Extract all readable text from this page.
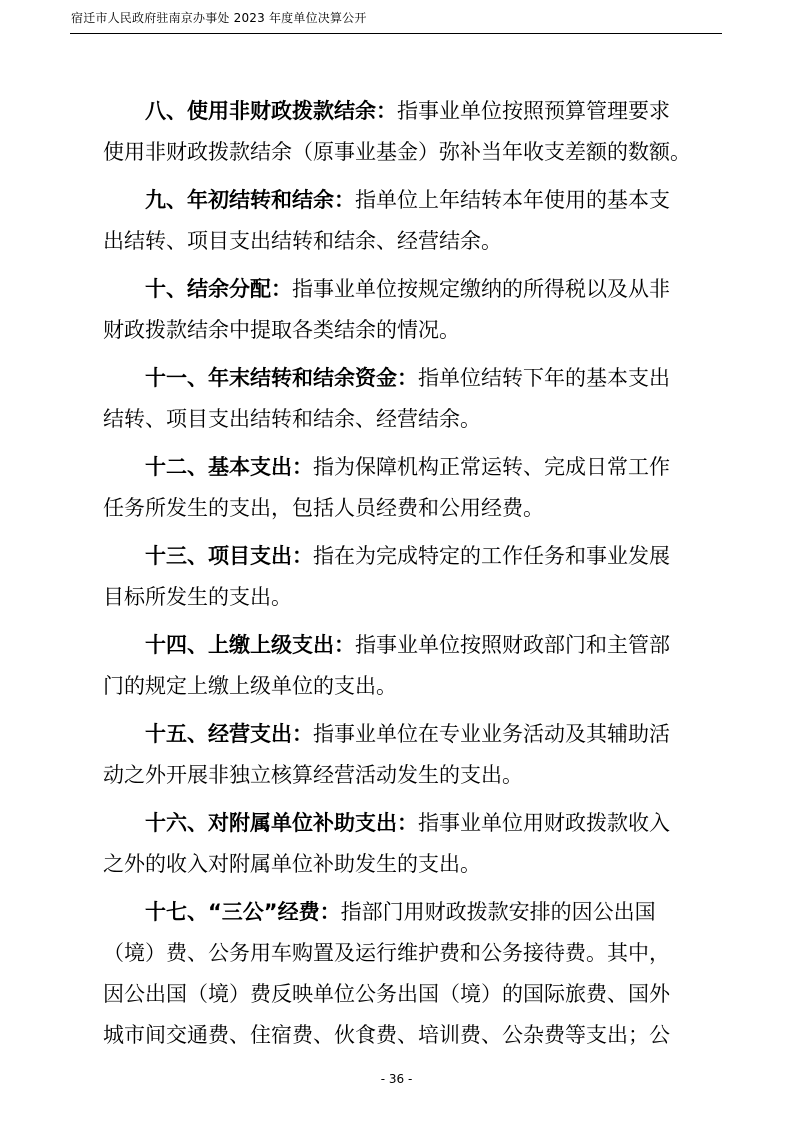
宿迁市人民政府驻南京办事处 2023 年度单位决算公开
八、使用非财政拨款结余：指事业单位按照预算管理要求
使用非财政拨款结余（原事业基金）弥补当年收支差额的数额。
九、年初结转和结余：指单位上年结转本年使用的基本支
出结转、项目支出结转和结余、经营结余。
十、结余分配：指事业单位按规定缴纳的所得税以及从非
财政拨款结余中提取各类结余的情况。
十一、年末结转和结余资金：指单位结转下年的基本支出
结转、项目支出结转和结余、经营结余。
十二、基本支出：指为保障机构正常运转、完成日常工作
任务所发生的支出，包括人员经费和公用经费。
十三、项目支出：指在为完成特定的工作任务和事业发展
目标所发生的支出。
十四、上缴上级支出：指事业单位按照财政部门和主管部
门的规定上缴上级单位的支出。
十五、经营支出：指事业单位在专业业务活动及其辅助活
动之外开展非独立核算经营活动发生的支出。
十六、对附属单位补助支出：指事业单位用财政拨款收入
之外的收入对附属单位补助发生的支出。
十七、“三公”经费：指部门用财政拨款安排的因公出国
（境）费、公务用车购置及运行维护费和公务接待费。其中，
因公出国（境）费反映单位公务出国（境）的国际旅费、国外
城市间交通费、住宿费、伙食费、培训费、公杂费等支出；公
- 36 -
